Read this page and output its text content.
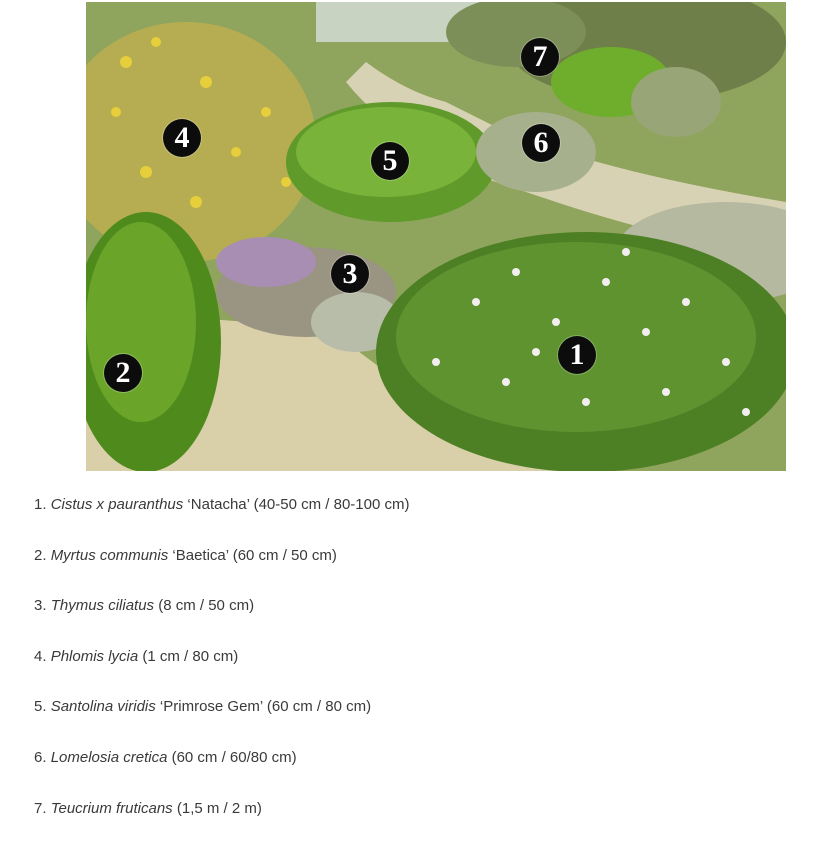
1
2
3
4
5
6
7
1. Cistus x pauranthus ‘Natacha’ (40-50 cm / 80-100 cm)
2. Myrtus communis ‘Baetica’ (60 cm / 50 cm)
3. Thymus ciliatus (8 cm / 50 cm)
4. Phlomis lycia (1 cm / 80 cm)
5. Santolina viridis ‘Primrose Gem’ (60 cm / 80 cm)
6. Lomelosia cretica (60 cm / 60/80 cm)
7. Teucrium fruticans (1,5 m / 2 m)
